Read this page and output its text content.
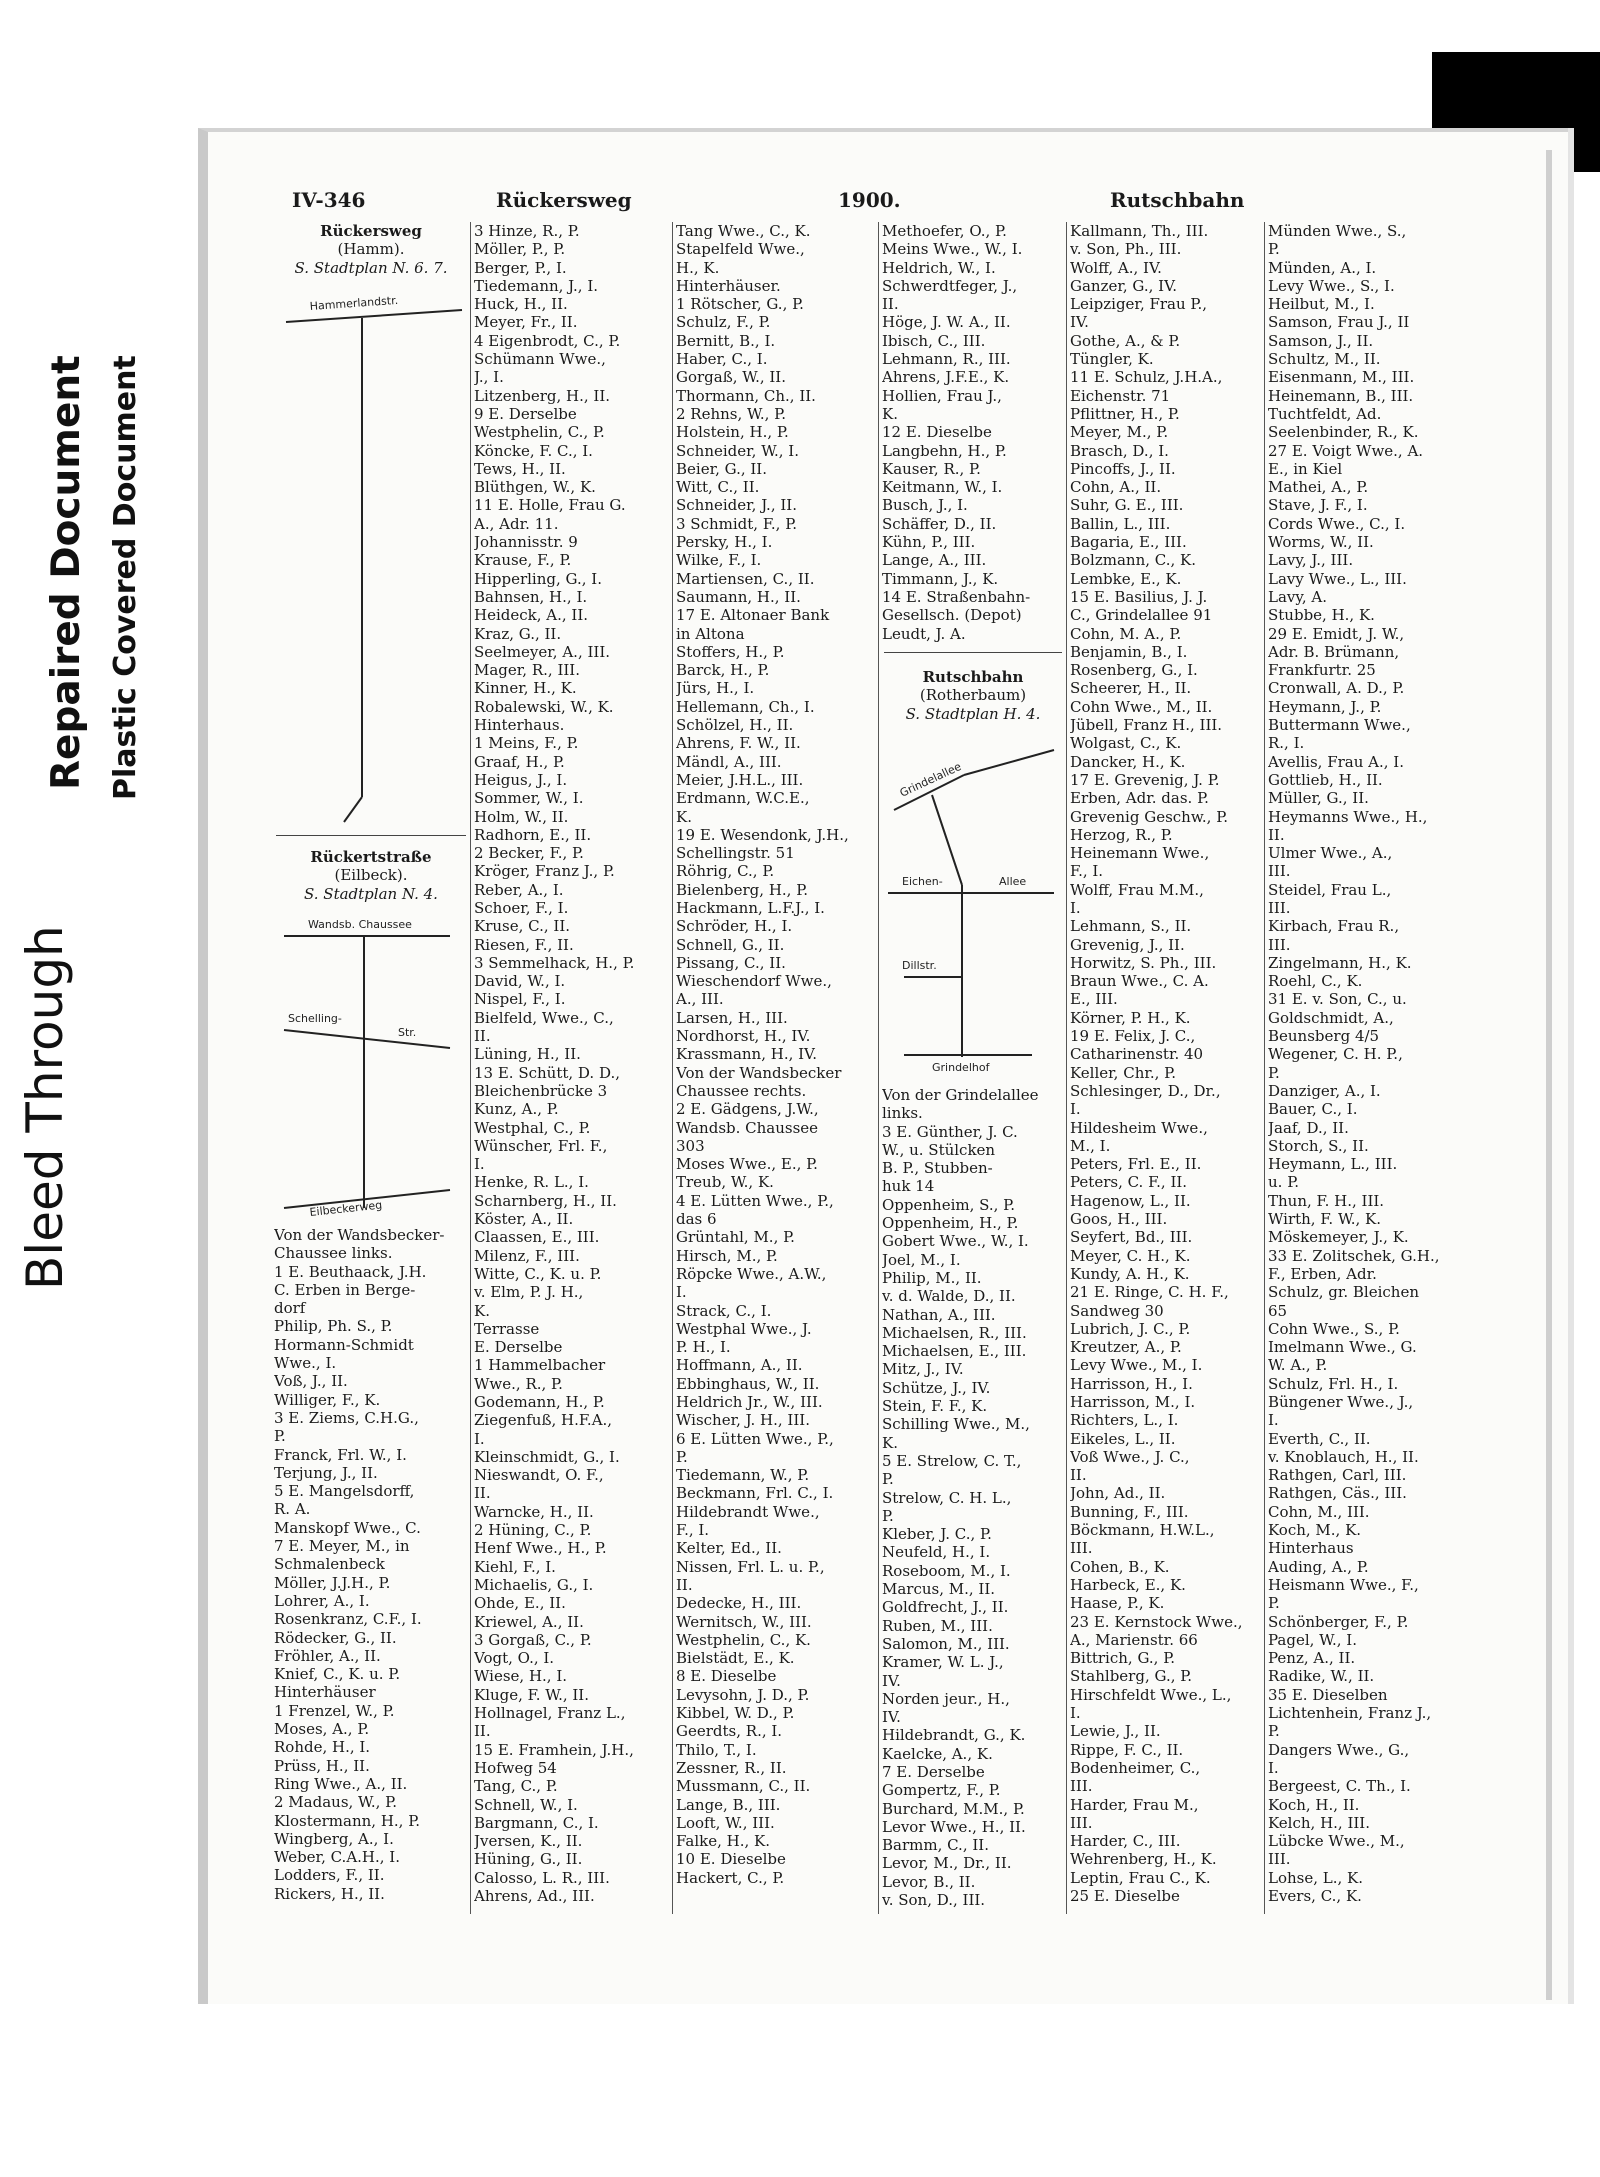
Bleed Through
Repaired Document Plastic Covered Document
IV-346	Rückersweg	1900.	Rutschbahn
Rückersweg
(Hamm).
S. Stadtplan N. 6. 7.
Hammerlandstr.
Rückertstraße
(Eilbeck).
S. Stadtplan N. 4.
Wandsb. Chaussee
Schelling-
Str.
Eilbeckerweg
Von der Wandsbecker-
Chaussee links.
1 E. Beuthaack, J.H.
C. Erben in Berge-
dorf
Philip, Ph. S., P.
Hormann-Schmidt
Wwe., I.
Voß, J., II.
Williger, F., K.
3 E. Ziems, C.H.G.,
P.
Franck, Frl. W., I.
Terjung, J., II.
5 E. Mangelsdorff,
R. A.
Manskopf Wwe., C.
7 E. Meyer, M., in
Schmalenbeck
Möller, J.J.H., P.
Lohrer, A., I.
Rosenkranz, C.F., I.
Rödecker, G., II.
Fröhler, A., II.
Knief, C., K. u. P.
Hinterhäuser
1 Frenzel, W., P.
Moses, A., P.
Rohde, H., I.
Prüss, H., II.
Ring Wwe., A., II.
2 Madaus, W., P.
Klostermann, H., P.
Wingberg, A., I.
Weber, C.A.H., I.
Lodders, F., II.
Rickers, H., II.
3 Hinze, R., P.
Möller, P., P.
Berger, P., I.
Tiedemann, J., I.
Huck, H., II.
Meyer, Fr., II.
4 Eigenbrodt, C., P.
Schümann Wwe.,
J., I.
Litzenberg, H., II.
9 E. Derselbe
Westphelin, C., P.
Köncke, F. C., I.
Tews, H., II.
Blüthgen, W., K.
11 E. Holle, Frau G.
A., Adr. 11.
Johannisstr. 9
Krause, F., P.
Hipperling, G., I.
Bahnsen, H., I.
Heideck, A., II.
Kraz, G., II.
Seelmeyer, A., III.
Mager, R., III.
Kinner, H., K.
Robalewski, W., K.
Hinterhaus.
1 Meins, F., P.
Graaf, H., P.
Heigus, J., I.
Sommer, W., I.
Holm, W., II.
Radhorn, E., II.
2 Becker, F., P.
Kröger, Franz J., P.
Reber, A., I.
Schoer, F., I.
Kruse, C., II.
Riesen, F., II.
3 Semmelhack, H., P.
David, W., I.
Nispel, F., I.
Bielfeld, Wwe., C.,
II.
Lüning, H., II.
13 E. Schütt, D. D.,
Bleichenbrücke 3
Kunz, A., P.
Westphal, C., P.
Wünscher, Frl. F.,
I.
Henke, R. L., I.
Scharnberg, H., II.
Köster, A., II.
Claassen, E., III.
Milenz, F., III.
Witte, C., K. u. P.
v. Elm, P. J. H.,
K.
Terrasse
E. Derselbe
1 Hammelbacher
Wwe., R., P.
Godemann, H., P.
Ziegenfuß, H.F.A.,
I.
Kleinschmidt, G., I.
Nieswandt, O. F.,
II.
Warncke, H., II.
2 Hüning, C., P.
Henf Wwe., H., P.
Kiehl, F., I.
Michaelis, G., I.
Ohde, E., II.
Kriewel, A., II.
3 Gorgaß, C., P.
Vogt, O., I.
Wiese, H., I.
Kluge, F. W., II.
Hollnagel, Franz L.,
II.
15 E. Framhein, J.H.,
Hofweg 54
Tang, C., P.
Schnell, W., I.
Bargmann, C., I.
Jversen, K., II.
Hüning, G., II.
Calosso, L. R., III.
Ahrens, Ad., III.
Tang Wwe., C., K.
Stapelfeld Wwe.,
H., K.
Hinterhäuser.
1 Rötscher, G., P.
Schulz, F., P.
Bernitt, B., I.
Haber, C., I.
Gorgaß, W., II.
Thormann, Ch., II.
2 Rehns, W., P.
Holstein, H., P.
Schneider, W., I.
Beier, G., II.
Witt, C., II.
Schneider, J., II.
3 Schmidt, F., P.
Persky, H., I.
Wilke, F., I.
Martiensen, C., II.
Saumann, H., II.
17 E. Altonaer Bank
in Altona
Stoffers, H., P.
Barck, H., P.
Jürs, H., I.
Hellemann, Ch., I.
Schölzel, H., II.
Ahrens, F. W., II.
Mändl, A., III.
Meier, J.H.L., III.
Erdmann, W.C.E.,
K.
19 E. Wesendonk, J.H.,
Schellingstr. 51
Röhrig, C., P.
Bielenberg, H., P.
Hackmann, L.F.J., I.
Schröder, H., I.
Schnell, G., II.
Pissang, C., II.
Wieschendorf Wwe.,
A., III.
Larsen, H., III.
Nordhorst, H., IV.
Krassmann, H., IV.
Von der Wandsbecker
Chaussee rechts.
2 E. Gädgens, J.W.,
Wandsb. Chaussee
303
Moses Wwe., E., P.
Treub, W., K.
4 E. Lütten Wwe., P.,
das 6
Grüntahl, M., P.
Hirsch, M., P.
Röpcke Wwe., A.W.,
I.
Strack, C., I.
Westphal Wwe., J.
P. H., I.
Hoffmann, A., II.
Ebbinghaus, W., II.
Heldrich Jr., W., III.
Wischer, J. H., III.
6 E. Lütten Wwe., P.,
P.
Tiedemann, W., P.
Beckmann, Frl. C., I.
Hildebrandt Wwe.,
F., I.
Kelter, Ed., II.
Nissen, Frl. L. u. P.,
II.
Dedecke, H., III.
Wernitsch, W., III.
Westphelin, C., K.
Bielstädt, E., K.
8 E. Dieselbe
Levysohn, J. D., P.
Kibbel, W. D., P.
Geerdts, R., I.
Thilo, T., I.
Zessner, R., II.
Mussmann, C., II.
Lange, B., III.
Looft, W., III.
Falke, H., K.
10 E. Dieselbe
Hackert, C., P.
Methoefer, O., P.
Meins Wwe., W., I.
Heldrich, W., I.
Schwerdtfeger, J.,
II.
Höge, J. W. A., II.
Ibisch, C., III.
Lehmann, R., III.
Ahrens, J.F.E., K.
Hollien, Frau J.,
K.
12 E. Dieselbe
Langbehn, H., P.
Kauser, R., P.
Keitmann, W., I.
Busch, J., I.
Schäffer, D., II.
Kühn, P., III.
Lange, A., III.
Timmann, J., K.
14 E. Straßenbahn-
Gesellsch. (Depot)
Leudt, J. A.
Rutschbahn
(Rotherbaum)
S. Stadtplan H. 4.
Grindelallee
Eichen-	Allee
Dillstr.
Grindelhof
Von der Grindelallee
links.
3 E. Günther, J. C.
W., u. Stülcken
B. P., Stubben-
huk 14
Oppenheim, S., P.
Oppenheim, H., P.
Gobert Wwe., W., I.
Joel, M., I.
Philip, M., II.
v. d. Walde, D., II.
Nathan, A., III.
Michaelsen, R., III.
Michaelsen, E., III.
Mitz, J., IV.
Schütze, J., IV.
Stein, F. F., K.
Schilling Wwe., M.,
K.
5 E. Strelow, C. T.,
P.
Strelow, C. H. L.,
P.
Kleber, J. C., P.
Neufeld, H., I.
Roseboom, M., I.
Marcus, M., II.
Goldfrecht, J., II.
Ruben, M., III.
Salomon, M., III.
Kramer, W. L. J.,
IV.
Norden jeur., H.,
IV.
Hildebrandt, G., K.
Kaelcke, A., K.
7 E. Derselbe
Gompertz, F., P.
Burchard, M.M., P.
Levor Wwe., H., II.
Barmm, C., II.
Levor, M., Dr., II.
Levor, B., II.
v. Son, D., III.
Kallmann, Th., III.
v. Son, Ph., III.
Wolff, A., IV.
Ganzer, G., IV.
Leipziger, Frau P.,
IV.
Gothe, A., & P.
Tüngler, K.
11 E. Schulz, J.H.A.,
Eichenstr. 71
Pflittner, H., P.
Meyer, M., P.
Brasch, D., I.
Pincoffs, J., II.
Cohn, A., II.
Suhr, G. E., III.
Ballin, L., III.
Bagaria, E., III.
Bolzmann, C., K.
Lembke, E., K.
15 E. Basilius, J. J.
C., Grindelallee 91
Cohn, M. A., P.
Benjamin, B., I.
Rosenberg, G., I.
Scheerer, H., II.
Cohn Wwe., M., II.
Jübell, Franz H., III.
Wolgast, C., K.
Dancker, H., K.
17 E. Grevenig, J. P.
Erben, Adr. das. P.
Grevenig Geschw., P.
Herzog, R., P.
Heinemann Wwe.,
F., I.
Wolff, Frau M.M.,
I.
Lehmann, S., II.
Grevenig, J., II.
Horwitz, S. Ph., III.
Braun Wwe., C. A.
E., III.
Körner, P. H., K.
19 E. Felix, J. C.,
Catharinenstr. 40
Keller, Chr., P.
Schlesinger, D., Dr.,
I.
Hildesheim Wwe.,
M., I.
Peters, Frl. E., II.
Peters, C. F., II.
Hagenow, L., II.
Goos, H., III.
Seyfert, Bd., III.
Meyer, C. H., K.
Kundy, A. H., K.
21 E. Ringe, C. H. F.,
Sandweg 30
Lubrich, J. C., P.
Kreutzer, A., P.
Levy Wwe., M., I.
Harrisson, H., I.
Harrisson, M., I.
Richters, L., I.
Eikeles, L., II.
Voß Wwe., J. C.,
II.
John, Ad., II.
Bunning, F., III.
Böckmann, H.W.L.,
III.
Cohen, B., K.
Harbeck, E., K.
Haase, P., K.
23 E. Kernstock Wwe.,
A., Marienstr. 66
Bittrich, G., P.
Stahlberg, G., P.
Hirschfeldt Wwe., L.,
I.
Lewie, J., II.
Rippe, F. C., II.
Bodenheimer, C.,
III.
Harder, Frau M.,
III.
Harder, C., III.
Wehrenberg, H., K.
Leptin, Frau C., K.
25 E. Dieselbe
Münden Wwe., S.,
P.
Münden, A., I.
Levy Wwe., S., I.
Heilbut, M., I.
Samson, Frau J., II
Samson, J., II.
Schultz, M., II.
Eisenmann, M., III.
Heinemann, B., III.
Tuchtfeldt, Ad.
Seelenbinder, R., K.
27 E. Voigt Wwe., A.
E., in Kiel
Mathei, A., P.
Stave, J. F., I.
Cords Wwe., C., I.
Worms, W., II.
Lavy, J., III.
Lavy Wwe., L., III.
Lavy, A.
Stubbe, H., K.
29 E. Emidt, J. W.,
Adr. B. Brümann,
Frankfurtr. 25
Cronwall, A. D., P.
Heymann, J., P.
Buttermann Wwe.,
R., I.
Avellis, Frau A., I.
Gottlieb, H., II.
Müller, G., II.
Heymanns Wwe., H.,
II.
Ulmer Wwe., A.,
III.
Steidel, Frau L.,
III.
Kirbach, Frau R.,
III.
Zingelmann, H., K.
Roehl, C., K.
31 E. v. Son, C., u.
Goldschmidt, A.,
Beunsberg 4/5
Wegener, C. H. P.,
P.
Danziger, A., I.
Bauer, C., I.
Jaaf, D., II.
Storch, S., II.
Heymann, L., III.
u. P.
Thun, F. H., III.
Wirth, F. W., K.
Möskemeyer, J., K.
33 E. Zolitschek, G.H.,
F., Erben, Adr.
Schulz, gr. Bleichen
65
Cohn Wwe., S., P.
Imelmann Wwe., G.
W. A., P.
Schulz, Frl. H., I.
Büngener Wwe., J.,
I.
Everth, C., II.
v. Knoblauch, H., II.
Rathgen, Carl, III.
Rathgen, Cäs., III.
Cohn, M., III.
Koch, M., K.
Hinterhaus
Auding, A., P.
Heismann Wwe., F.,
P.
Schönberger, F., P.
Pagel, W., I.
Penz, A., II.
Radike, W., II.
35 E. Dieselben
Lichtenhein, Franz J.,
P.
Dangers Wwe., G.,
I.
Bergeest, C. Th., I.
Koch, H., II.
Kelch, H., III.
Lübcke Wwe., M.,
III.
Lohse, L., K.
Evers, C., K.
